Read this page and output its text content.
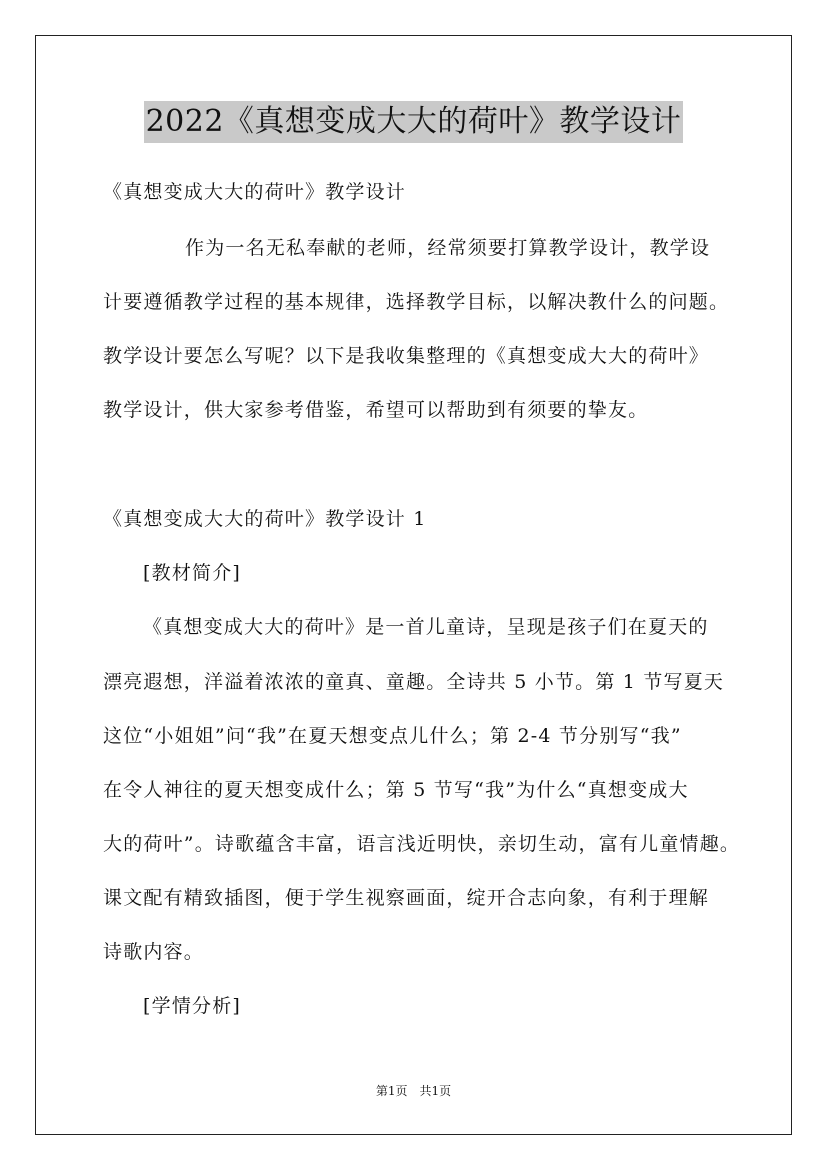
2022《真想变成大大的荷叶》教学设计
《真想变成大大的荷叶》教学设计
作为一名无私奉献的老师，经常须要打算教学设计，教学设
计要遵循教学过程的基本规律，选择教学目标，以解决教什么的问题。
教学设计要怎么写呢？以下是我收集整理的《真想变成大大的荷叶》
教学设计，供大家参考借鉴，希望可以帮助到有须要的挚友。
《真想变成大大的荷叶》教学设计 1
[教材简介]
《真想变成大大的荷叶》是一首儿童诗，呈现是孩子们在夏天的
漂亮遐想，洋溢着浓浓的童真、童趣。全诗共 5 小节。第 1 节写夏天
这位“小姐姐”问“我”在夏天想变点儿什么；第 2-4 节分别写“我”
在令人神往的夏天想变成什么；第 5 节写“我”为什么“真想变成大
大的荷叶”。诗歌蕴含丰富，语言浅近明快，亲切生动，富有儿童情趣。
课文配有精致插图，便于学生视察画面，绽开合志向象，有利于理解
诗歌内容。
[学情分析]
第1页　共1页
